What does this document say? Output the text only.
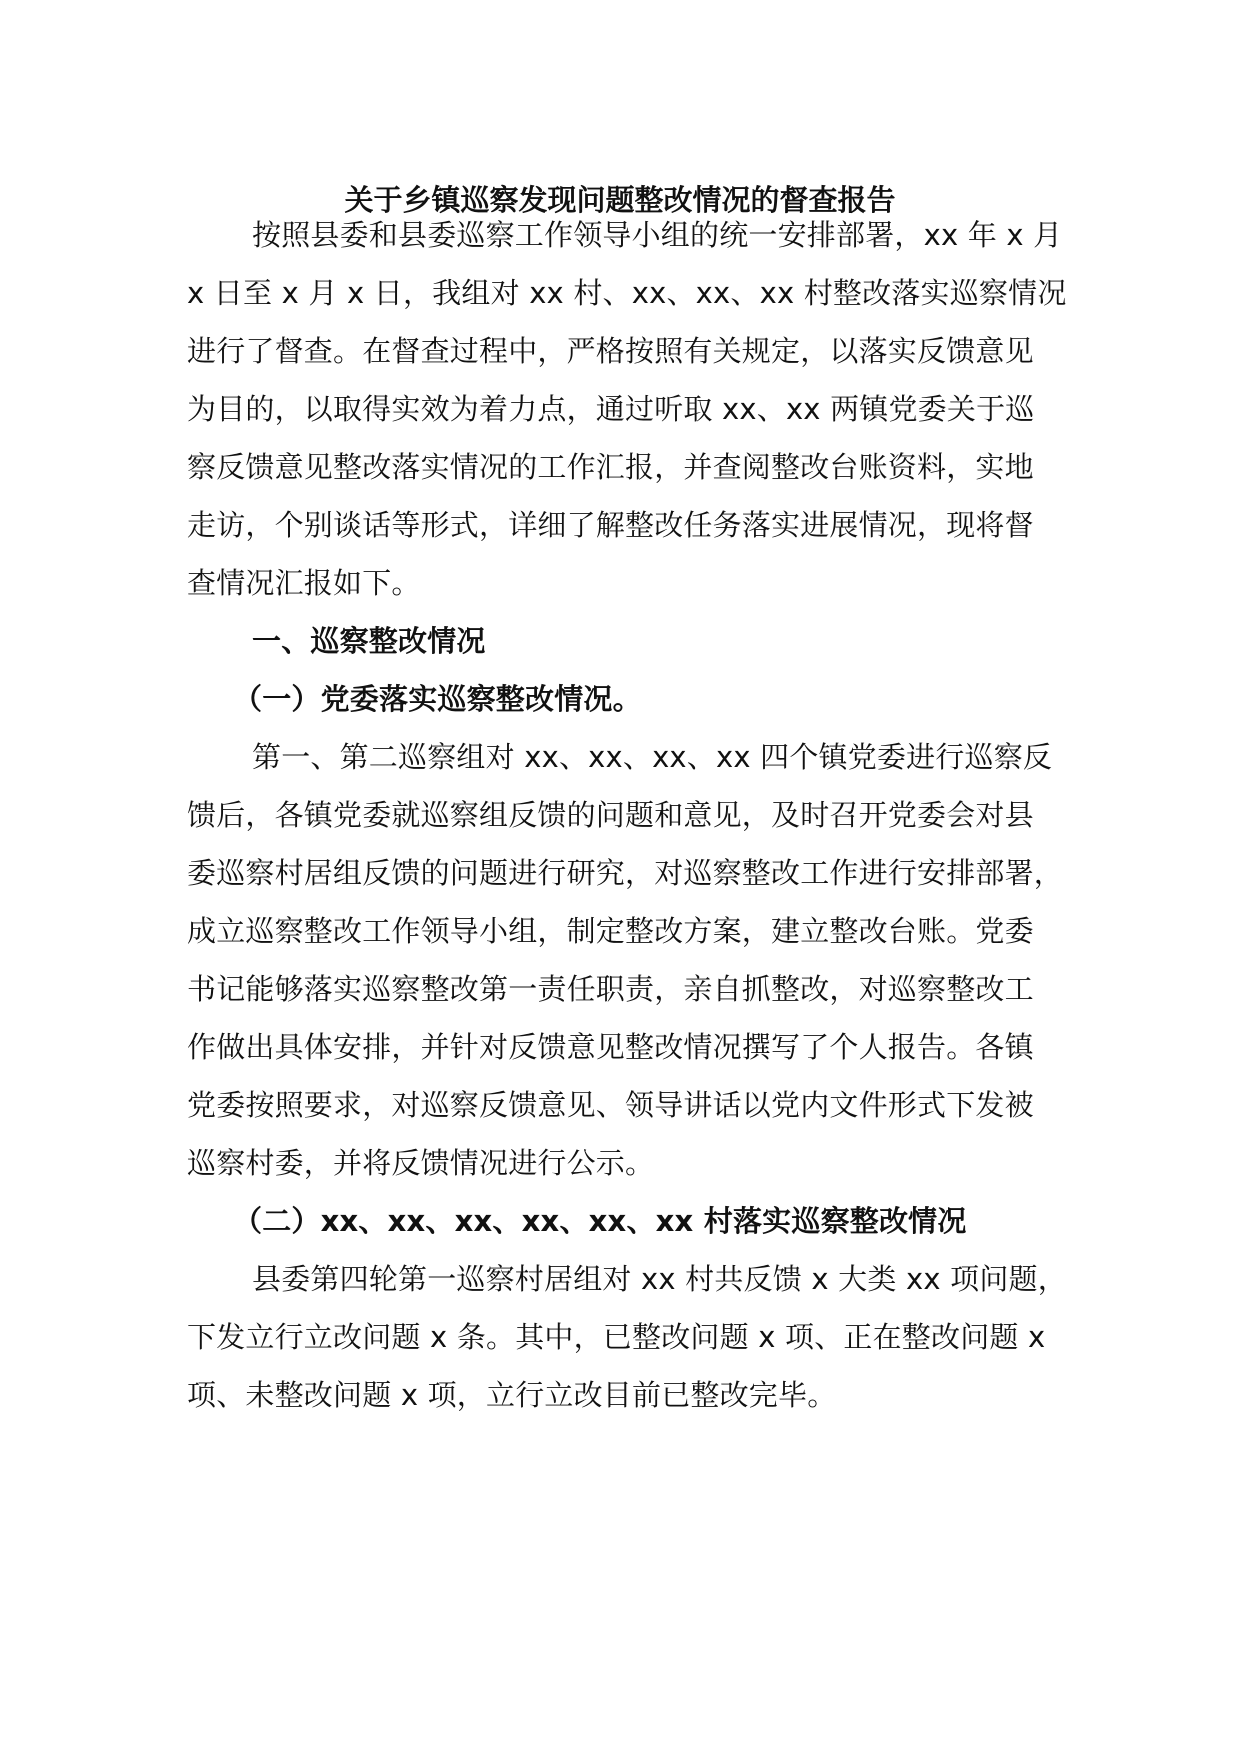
关于乡镇巡察发现问题整改情况的督查报告
按照县委和县委巡察工作领导小组的统一安排部署，xx 年 x 月
x 日至 x 月 x 日，我组对 xx 村、xx、xx、xx 村整改落实巡察情况
进行了督查。在督查过程中，严格按照有关规定，以落实反馈意见
为目的，以取得实效为着力点，通过听取 xx、xx 两镇党委关于巡
察反馈意见整改落实情况的工作汇报，并查阅整改台账资料，实地
走访，个别谈话等形式，详细了解整改任务落实进展情况，现将督
查情况汇报如下。
一、巡察整改情况
（一）党委落实巡察整改情况。
第一、第二巡察组对 xx、xx、xx、xx 四个镇党委进行巡察反
馈后，各镇党委就巡察组反馈的问题和意见，及时召开党委会对县
委巡察村居组反馈的问题进行研究，对巡察整改工作进行安排部署，
成立巡察整改工作领导小组，制定整改方案，建立整改台账。党委
书记能够落实巡察整改第一责任职责，亲自抓整改，对巡察整改工
作做出具体安排，并针对反馈意见整改情况撰写了个人报告。各镇
党委按照要求，对巡察反馈意见、领导讲话以党内文件形式下发被
巡察村委，并将反馈情况进行公示。
（二）xx、xx、xx、xx、xx、xx 村落实巡察整改情况
县委第四轮第一巡察村居组对 xx 村共反馈 x 大类 xx 项问题，
下发立行立改问题 x 条。其中，已整改问题 x 项、正在整改问题 x
项、未整改问题 x 项，立行立改目前已整改完毕。
